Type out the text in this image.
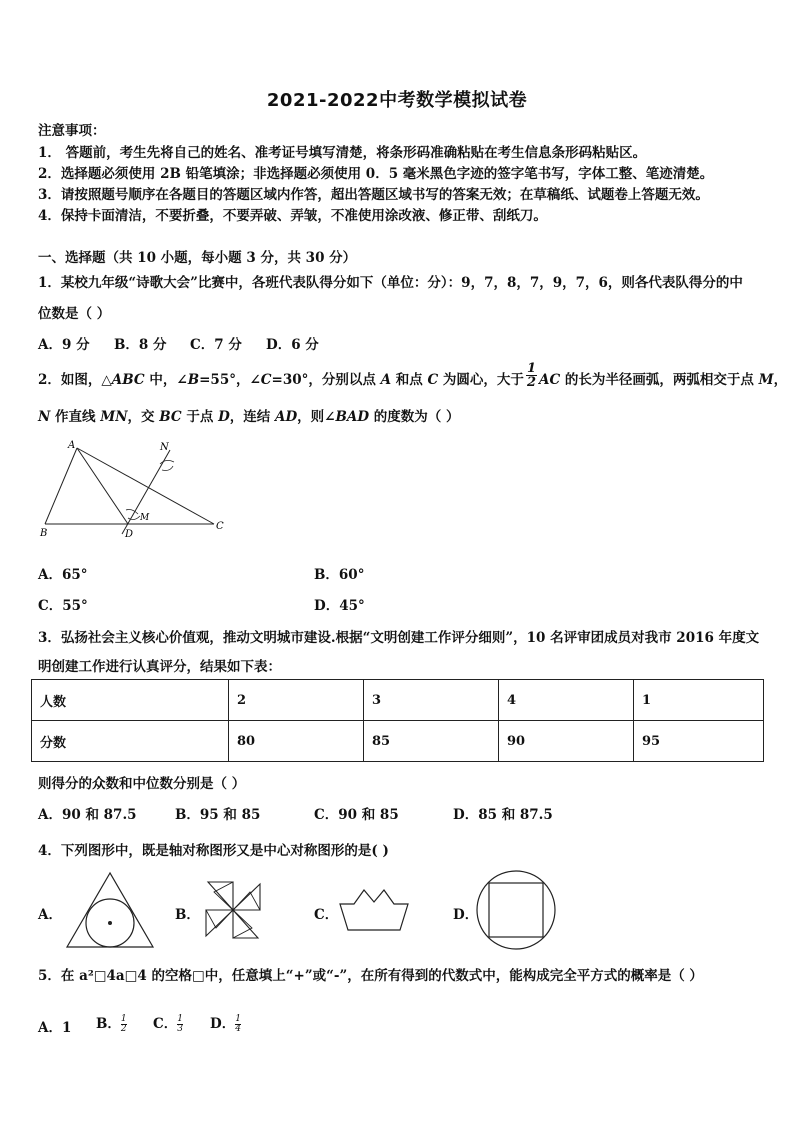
2021-2022中考数学模拟试卷
注意事项：
1． 答题前，考生先将自己的姓名、准考证号填写清楚，将条形码准确粘贴在考生信息条形码粘贴区。
2．选择题必须使用 2B 铅笔填涂；非选择题必须使用 0．5 毫米黑色字迹的签字笔书写，字体工整、笔迹清楚。
3．请按照题号顺序在各题目的答题区域内作答，超出答题区域书写的答案无效；在草稿纸、试题卷上答题无效。
4．保持卡面清洁，不要折叠，不要弄破、弄皱，不准使用涂改液、修正带、刮纸刀。
一、选择题（共 10 小题，每小题 3 分，共 30 分）
1．某校九年级“诗歌大会”比赛中，各班代表队得分如下（单位：分）：9，7，8，7，9，7，6，则各代表队得分的中
位数是（ ）
A．9 分 B．8 分 C．7 分 D．6 分
2．如图，△ABC 中，∠B=55°，∠C=30°，分别以点 A 和点 C 为圆心，大于 $\frac{1}{2}$ AC 的长为半径画弧，两弧相交于点 M，
N 作直线 MN，交 BC 于点 D，连结 AD，则∠BAD 的度数为（ ）
A
B
C
D
M
N
A．65°	B．60°
C．55°	D．45°
3．弘扬社会主义核心价值观，推动文明城市建设.根据“文明创建工作评分细则”，10 名评审团成员对我市 2016 年度文
明创建工作进行认真评分，结果如下表：
人数	2	3	4	1
分数	80	85	90	95
则得分的众数和中位数分别是（ ）
A．90 和 87.5	B．95 和 85	C．90 和 85	D．85 和 87.5
4．下列图形中，既是轴对称图形又是中心对称图形的是( )
A．	B．	C．	D．
5．在 a²□4a□4 的空格□中，任意填上“+”或“-”，在所有得到的代数式中，能构成完全平方式的概率是（ ）
A．1 B． $\frac{1}{2}$ C． $\frac{1}{3}$ D． $\frac{1}{4}$
